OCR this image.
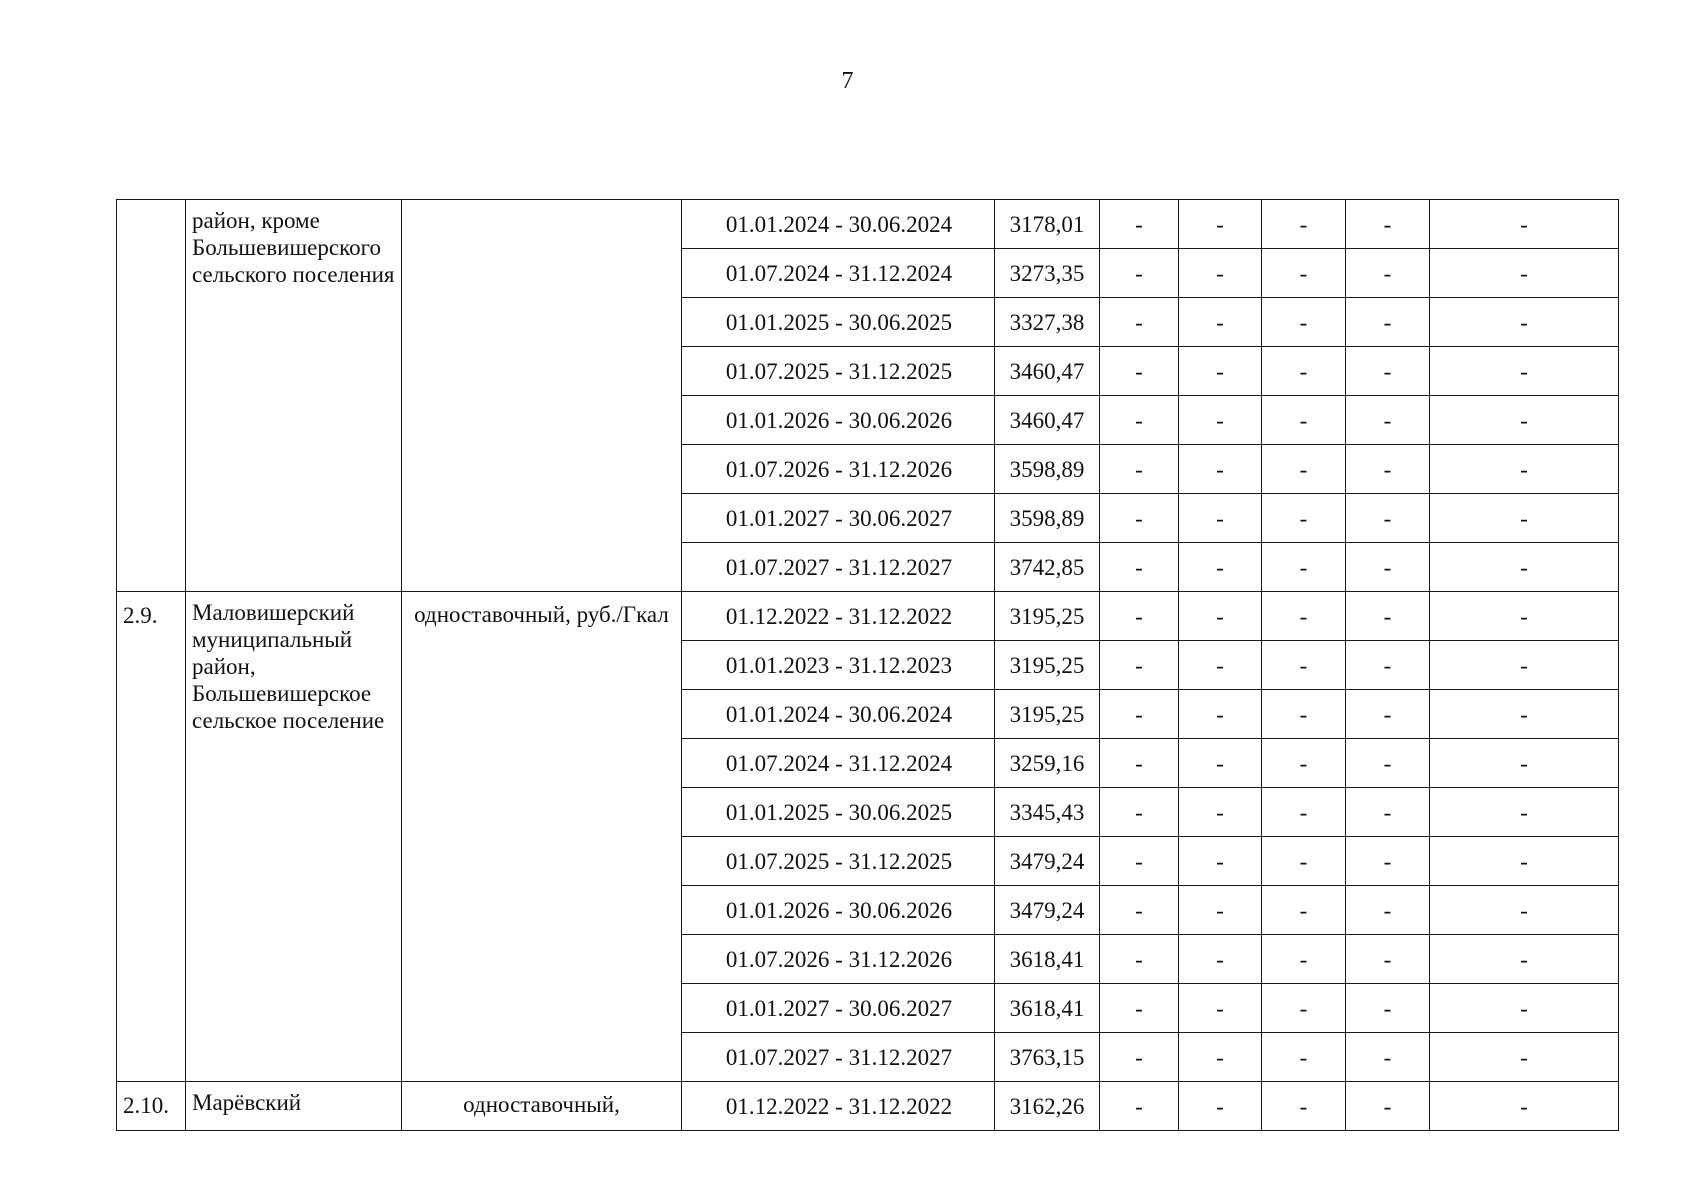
7
	район, кроме Большевишерского сельского поселения		01.01.2024 - 30.06.2024	3178,01	-	-	-	-	-
			01.07.2024 - 31.12.2024	3273,35	-	-	-	-	-
			01.01.2025 - 30.06.2025	3327,38	-	-	-	-	-
			01.07.2025 - 31.12.2025	3460,47	-	-	-	-	-
			01.01.2026 - 30.06.2026	3460,47	-	-	-	-	-
			01.07.2026 - 31.12.2026	3598,89	-	-	-	-	-
			01.01.2027 - 30.06.2027	3598,89	-	-	-	-	-
			01.07.2027 - 31.12.2027	3742,85	-	-	-	-	-
2.9.	Маловишерский муниципальный район, Большевишерское сельское поселение	одноставочный, руб./Гкал	01.12.2022 - 31.12.2022	3195,25	-	-	-	-	-
			01.01.2023 - 31.12.2023	3195,25	-	-	-	-	-
			01.01.2024 - 30.06.2024	3195,25	-	-	-	-	-
			01.07.2024 - 31.12.2024	3259,16	-	-	-	-	-
			01.01.2025 - 30.06.2025	3345,43	-	-	-	-	-
			01.07.2025 - 31.12.2025	3479,24	-	-	-	-	-
			01.01.2026 - 30.06.2026	3479,24	-	-	-	-	-
			01.07.2026 - 31.12.2026	3618,41	-	-	-	-	-
			01.01.2027 - 30.06.2027	3618,41	-	-	-	-	-
			01.07.2027 - 31.12.2027	3763,15	-	-	-	-	-
2.10.	Марёвский	одноставочный,	01.12.2022 - 31.12.2022	3162,26	-	-	-	-	-
